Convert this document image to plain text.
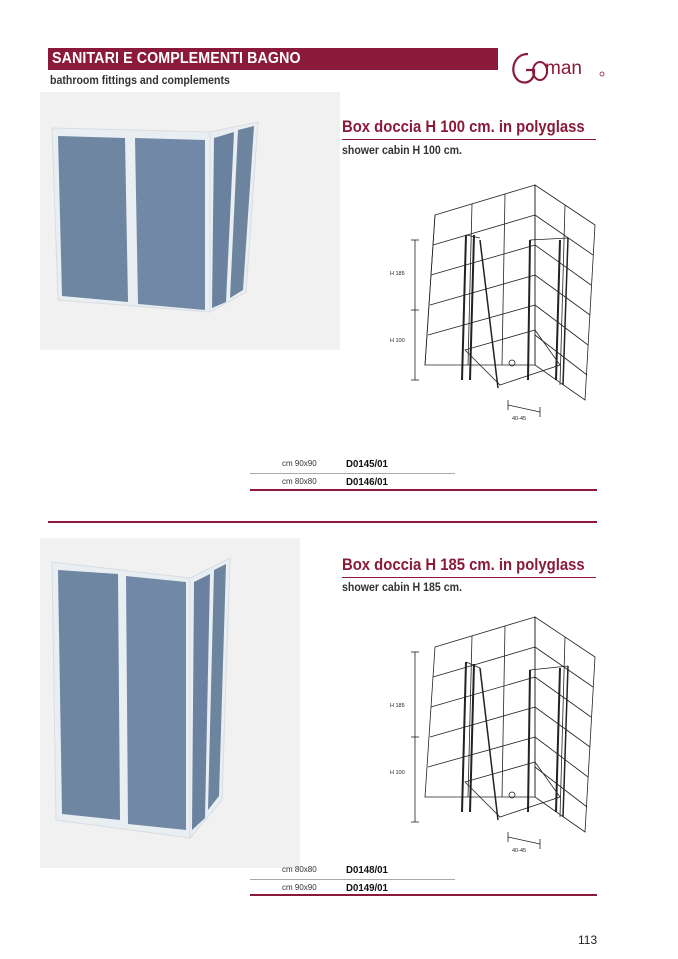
SANITARI E COMPLEMENTI BAGNO
bathroom fittings and complements
man
Box doccia H 100 cm. in polyglass
shower cabin H 100 cm.
H 185
H 100
40-45
cm 90x90	D0145/01
cm 80x80	D0146/01
Box doccia H 185 cm. in polyglass
shower cabin H 185 cm.
H 185
H 100
40-45
cm 80x80	D0148/01
cm 90x90	D0149/01
113
